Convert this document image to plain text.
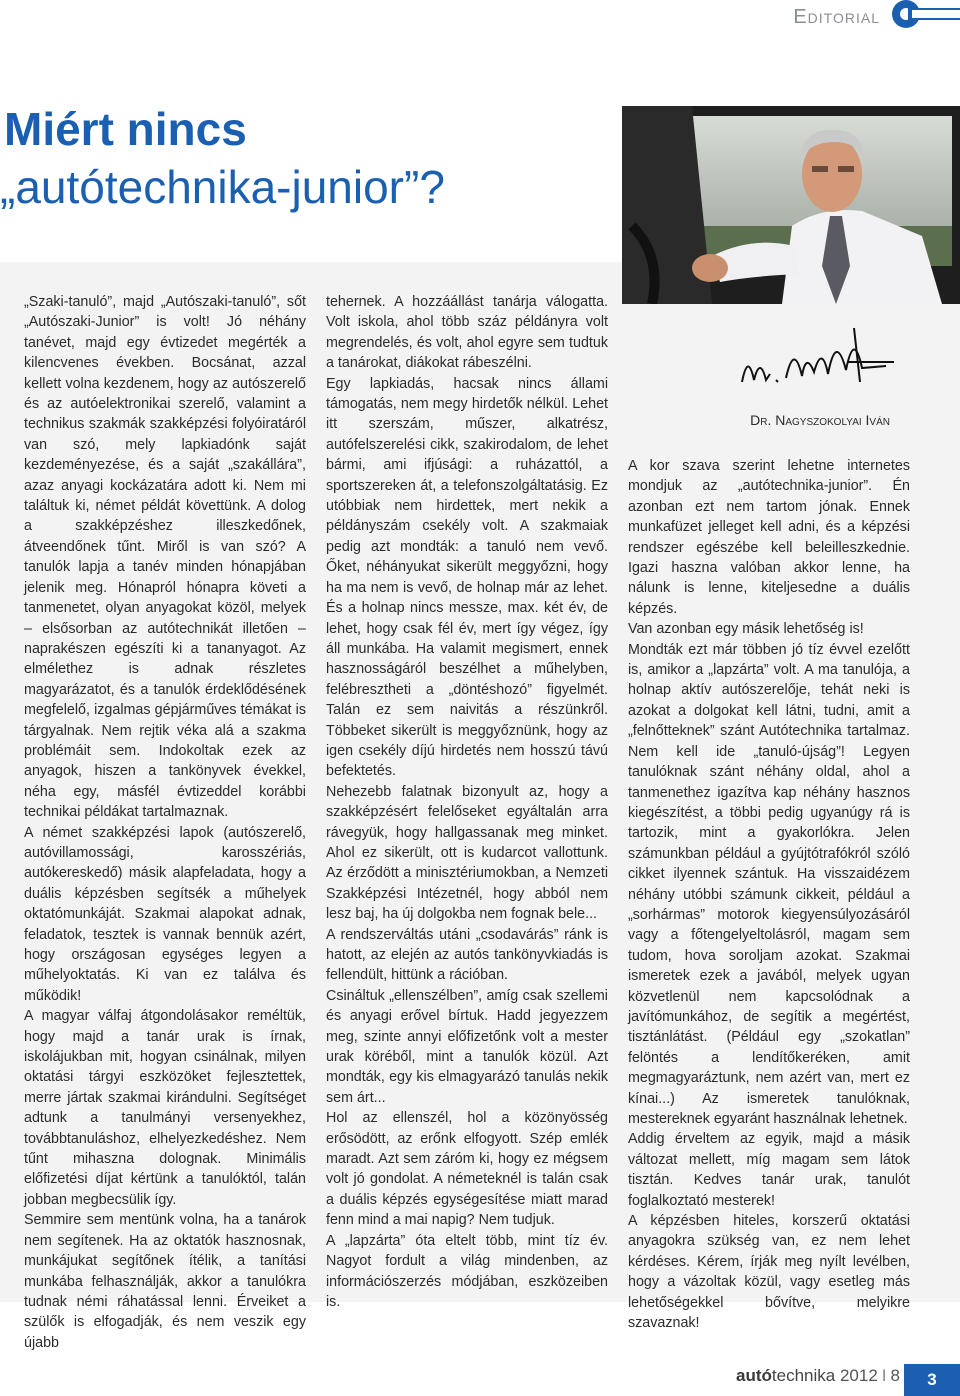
Editorial
Miért nincs
„autótechnika-junior”?

„Szaki-tanuló”, majd „Autószaki-tanuló”, sőt „Autószaki-Junior” is volt! Jó néhány tanévet, majd egy évtizedet megérték a kilencvenes években. Bocsánat, azzal kellett volna kezdenem, hogy az autószerelő és az autóelektronikai szerelő, valamint a technikus szakmák szakképzési folyóiratáról van szó, mely lapkiadónk saját kezdeményezése, és a saját „szakállára”, azaz anyagi kockázatára adott ki. Nem mi találtuk ki, német példát követtünk. A dolog a szakképzéshez illeszkedőnek, átveendőnek tűnt. Miről is van szó? A tanulók lapja a tanév minden hónapjában jelenik meg. Hónapról hónapra követi a tanmenetet, olyan anyagokat közöl, melyek – elsősorban az autótechnikát illetően – naprakészen egészíti ki a tananyagot. Az elmélethez is adnak részletes magyarázatot, és a tanulók érdeklődésének megfelelő, izgalmas gépjárműves témákat is tárgyalnak. Nem rejtik véka alá a szakma problémáit sem. Indokoltak ezek az anyagok, hiszen a tankönyvek évekkel, néha egy, másfél évtizeddel korábbi technikai példákat tartalmaznak.

A német szakképzési lapok (autószerelő, autóvillamossági, karosszériás, autókereskedő) másik alapfeladata, hogy a duális képzésben segítsék a műhelyek oktatómunkáját. Szakmai alapokat adnak, feladatok, tesztek is vannak bennük azért, hogy országosan egységes legyen a műhelyoktatás. Ki van ez találva és működik!

A magyar válfaj átgondolásakor reméltük, hogy majd a tanár urak is írnak, iskolájukban mit, hogyan csinálnak, milyen oktatási tárgyi eszközöket fejlesztettek, merre jártak szakmai kirándulni. Segítséget adtunk a tanulmányi versenyekhez, továbbtanuláshoz, elhelyezkedéshez. Nem tűnt mihaszna dolognak. Minimális előfizetési díjat kértünk a tanulóktól, talán jobban megbecsülik így.

Semmire sem mentünk volna, ha a tanárok nem segítenek. Ha az oktatók hasznosnak, munkájukat segítőnek ítélik, a tanítási munkába felhasználják, akkor a tanulókra tudnak némi ráhatással lenni. Érveiket a szülők is elfogadják, és nem veszik egy újabb

tehernek. A hozzáállást tanárja válogatta. Volt iskola, ahol több száz példányra volt megrendelés, és volt, ahol egyre sem tudtuk a tanárokat, diákokat rábeszélni.

Egy lapkiadás, hacsak nincs állami támogatás, nem megy hirdetők nélkül. Lehet itt szerszám, műszer, alkatrész, autófelszerelési cikk, szakirodalom, de lehet bármi, ami ifjúsági: a ruházattól, a sportszereken át, a telefonszolgáltatásig. Ez utóbbiak nem hirdettek, mert nekik a példányszám csekély volt. A szakmaiak pedig azt mondták: a tanuló nem vevő. Őket, néhányukat sikerült meggyőzni, hogy ha ma nem is vevő, de holnap már az lehet. És a holnap nincs messze, max. két év, de lehet, hogy csak fél év, mert így végez, így áll munkába. Ha valamit megismert, ennek hasznosságáról beszélhet a műhelyben, felébresztheti a „döntéshozó” figyelmét. Talán ez sem naivitás a részünkről. Többeket sikerült is meggyőznünk, hogy az igen csekély díjú hirdetés nem hosszú távú befektetés.

Nehezebb falatnak bizonyult az, hogy a szakképzésért felelőseket egyáltalán arra rávegyük, hogy hallgassanak meg minket. Ahol ez sikerült, ott is kudarcot vallottunk. Az érződött a minisztériumokban, a Nemzeti Szakképzési Intézetnél, hogy abból nem lesz baj, ha új dolgokba nem fognak bele...

A rendszerváltás utáni „csodavárás” ránk is hatott, az elején az autós tankönyvkiadás is fellendült, hittünk a rációban.

Csináltuk „ellenszélben”, amíg csak szellemi és anyagi erővel bírtuk. Hadd jegyezzem meg, szinte annyi előfizetőnk volt a mester urak köréből, mint a tanulók közül. Azt mondták, egy kis elmagyarázó tanulás nekik sem árt...

Hol az ellenszél, hol a közönyösség erősödött, az erőnk elfogyott. Szép emlék maradt. Azt sem záróm ki, hogy ez mégsem volt jó gondolat. A németeknél is talán csak a duális képzés egységesítése miatt marad fenn mind a mai napig? Nem tudjuk.

A „lapzárta” óta eltelt több, mint tíz év. Nagyot fordult a világ mindenben, az információszerzés módjában, eszközeiben is.

Dr. Nagyszokolyai Iván

A kor szava szerint lehetne internetes mondjuk az „autótechnika-junior”. Én azonban ezt nem tartom jónak. Ennek munkafüzet jelleget kell adni, és a képzési rendszer egészébe kell beleilleszkednie. Igazi haszna valóban akkor lenne, ha nálunk is lenne, kiteljesedne a duális képzés.

Van azonban egy másik lehetőség is!

Mondták ezt már többen jó tíz évvel ezelőtt is, amikor a „lapzárta” volt. A ma tanulója, a holnap aktív autószerelője, tehát neki is azokat a dolgokat kell látni, tudni, amit a „felnőtteknek” szánt Autótechnika tartalmaz. Nem kell ide „tanuló-újság”! Legyen tanulóknak szánt néhány oldal, ahol a tanmenethez igazítva kap néhány hasznos kiegészítést, a többi pedig ugyanúgy rá is tartozik, mint a gyakorlókra. Jelen számunkban például a gyújtótrafókról szóló cikket ilyennek szántuk. Ha visszaidézem néhány utóbbi számunk cikkeit, például a „sorhármas” motorok kiegyensúlyozásáról vagy a főtengelyeltolásról, magam sem tudom, hova soroljam azokat. Szakmai ismeretek ezek a javából, melyek ugyan közvetlenül nem kapcsolódnak a javítómunkához, de segítik a megértést, tisztánlátást. (Például egy „szokatlan” felöntés a lendítőkeréken, amit megmagyaráztunk, nem azért van, mert ez kínai...) Az ismeretek tanulóknak, mestereknek egyaránt használnak lehetnek.

Addig érveltem az egyik, majd a másik változat mellett, míg magam sem látok tisztán. Kedves tanár urak, tanulót foglalkoztató mesterek!

A képzésben hiteles, korszerű oktatási anyagokra szükség van, ez nem lehet kérdéses. Kérem, írják meg nyílt levélben, hogy a vázoltak közül, vagy esetleg más lehetőségekkel bővítve, melyikre szavaznak!

autótechnika 2012 I 8	3
